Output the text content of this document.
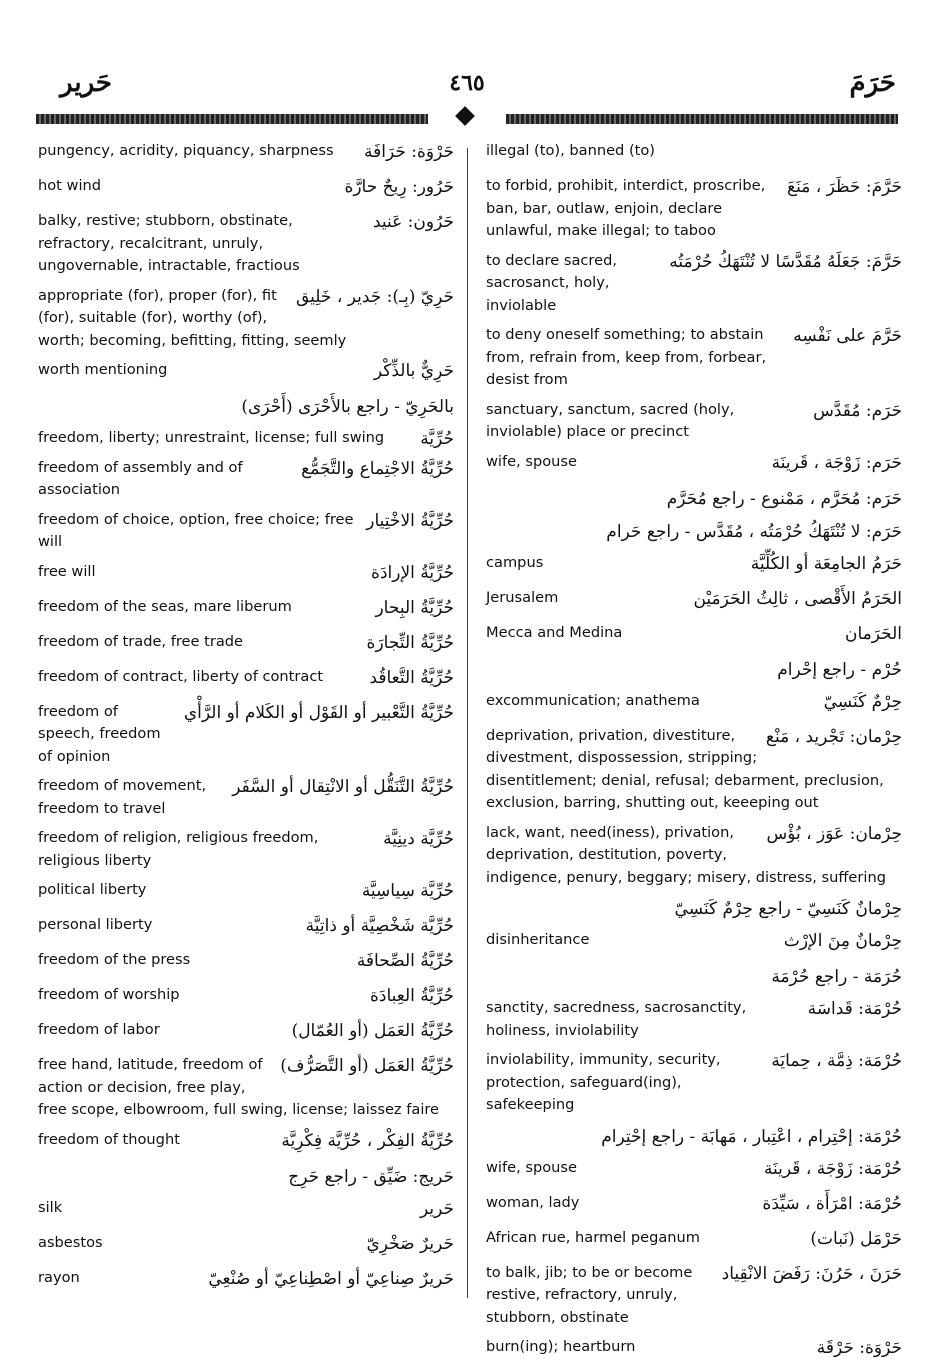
حَرير	٤٦٥	حَرَمَ
حَرْوَة: حَرَافَة
pungency, acridity, piquancy, sharpness
حَرُور: رِيحٌ حارَّة
hot wind
حَرُون: عَنيد
balky, restive; stubborn, obstinate, refractory, recalcitrant, unruly, ungovernable, intractable, fractious
حَرِيّ (بِـ): جَدير ، خَلِيق
appropriate (for), proper (for), fit (for), suitable (for), worthy (of), worth; becoming, befitting, fitting, seemly
حَرِيٌّ بالذِّكْر
worth mentioning
بالحَرِيّ - راجع بالأَحْرَى (أَحْرَى)
حُرِّيَّة
freedom, liberty; unrestraint, license; full swing
حُرِّيَّةُ الاجْتِماع والتَّجَمُّع
freedom of assembly and of association
حُرِّيَّةُ الاخْتِيار
freedom of choice, option, free choice; free will
حُرِّيَّةُ الإرادَة
free will
حُرِّيَّةُ البِحار
freedom of the seas, mare liberum
حُرِّيَّةُ التِّجارَة
freedom of trade, free trade
حُرِّيَّةُ التَّعاقُد
freedom of contract, liberty of contract
حُرِّيَّةُ التَّعْبير أو القَوْل أو الكَلام أو الرَّأْي
freedom of speech, freedom of opinion
حُرِّيَّةُ التَّنَقُّل أو الانْتِقال أو السَّفَر
freedom of movement, freedom to travel
حُرِّيَّة دينِيَّة
freedom of religion, religious freedom, religious liberty
حُرِّيَّة سِياسِيَّة
political liberty
حُرِّيَّة شَخْصِيَّة أو ذاتِيَّة
personal liberty
حُرِّيَّةُ الصِّحافَة
freedom of the press
حُرِّيَّةُ العِبادَة
freedom of worship
حُرِّيَّةُ العَمَل (أو العُمّال)
freedom of labor
حُرِّيَّةُ العَمَل (أو التَّصَرُّف)
free hand, latitude, freedom of action or decision, free play, free scope, elbowroom, full swing, license; laissez faire
حُرِّيَّةُ الفِكْر ، حُرِّيَّة فِكْرِيَّة
freedom of thought
حَريج: ضَيِّق - راجع حَرِج
حَرير
silk
حَريرٌ صَخْرِيّ
asbestos
حَريرٌ صِناعِيّ أو اصْطِناعِيّ أو صُنْعِيّ
rayon
illegal (to), banned (to)
حَرَّمَ: حَظَرَ ، مَنَعَ
to forbid, prohibit, interdict, proscribe, ban, bar, outlaw, enjoin, declare unlawful, make illegal; to taboo
حَرَّمَ: جَعَلَهُ مُقَدَّسًا لا تُنْتَهَكُ حُرْمَتُه
to declare sacred, sacrosanct, holy, inviolable
حَرَّمَ على نَفْسِه
to deny oneself something; to abstain from, refrain from, keep from, forbear, desist from
حَرَم: مُقَدَّس
sanctuary, sanctum, sacred (holy, inviolable) place or precinct
حَرَم: زَوْجَة ، قَرينَة
wife, spouse
حَرَم: مُحَرَّم ، مَمْنوع - راجع مُحَرَّم
حَرَم: لا تُنْتَهَكُ حُرْمَتُه ، مُقَدَّس - راجع حَرام
حَرَمُ الجامِعَة أو الكُلِّيَّة
campus
الحَرَمُ الأَقْصى ، ثالِثُ الحَرَمَيْن
Jerusalem
الحَرَمان
Mecca and Medina
حُرْم - راجع إحْرام
حِرْمٌ كَنَسِيّ
excommunication; anathema
حِرْمان: تَجْريد ، مَنْع
deprivation, privation, divestiture, divestment, dispossession, stripping; disentitlement; denial, refusal; debarment, preclusion, exclusion, barring, shutting out, keeeping out
حِرْمان: عَوَز ، بُؤْس
lack, want, need(iness), privation, deprivation, destitution, poverty, indigence, penury, beggary; misery, distress, suffering
حِرْمانٌ كَنَسِيّ - راجع حِرْمٌ كَنَسِيّ
حِرْمانٌ مِنَ الإرْث
disinheritance
حُرَمَة - راجع حُرْمَة
حُرْمَة: قَداسَة
sanctity, sacredness, sacrosanctity, holiness, inviolability
حُرْمَة: ذِمَّة ، حِمايَة
inviolability, immunity, security, protection, safeguard(ing), safekeeping
حُرْمَة: إحْتِرام ، اعْتِبار ، مَهابَة - راجع إحْتِرام
حُرْمَة: زَوْجَة ، قَرينَة
wife, spouse
حُرْمَة: امْرَأَة ، سَيِّدَة
woman, lady
حَرْمَل (نَبات)
African rue, harmel peganum
حَرَنَ ، حَرُنَ: رَفَضَ الانْقِياد
to balk, jib; to be or become restive, refractory, unruly, stubborn, obstinate
حَرْوَة: حَرْقَة
burn(ing); heartburn
